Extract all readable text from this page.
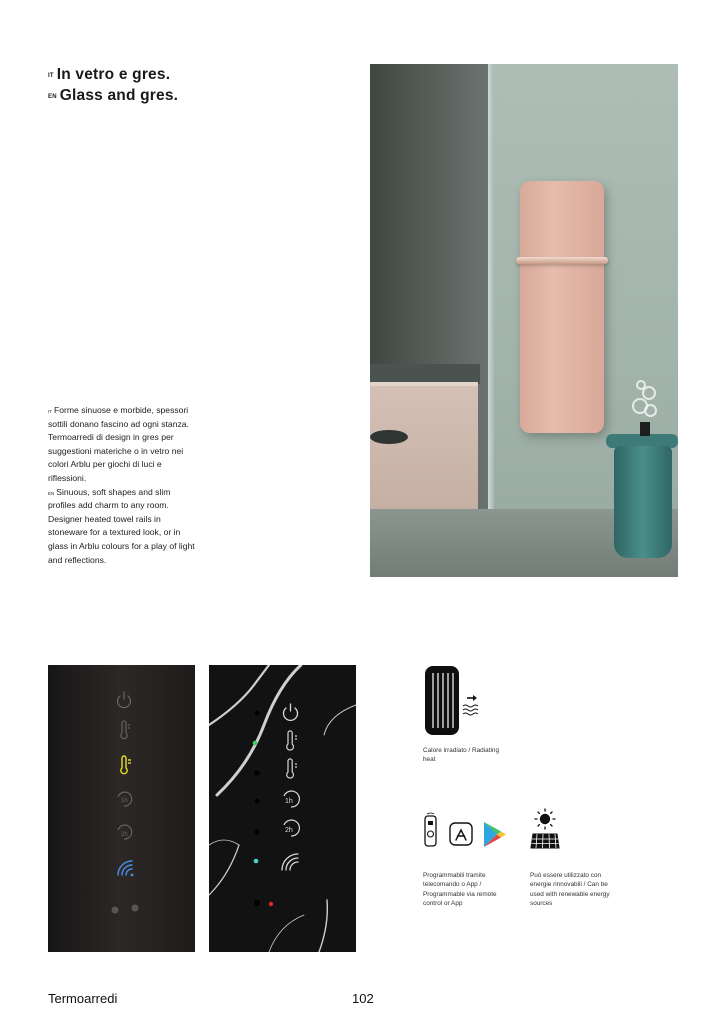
$^{IT}$ In vetro e gres.
$^{EN}$ Glass and gres.

$^{IT}$ Forme sinuose e morbide, spessori sottili donano fascino ad ogni stanza. Termoarredi di design in gres per suggestioni materiche o in vetro nei colori Arblu per giochi di luci e riflessioni.

$^{EN}$ Sinuous, soft shapes and slim profiles add charm to any room. Designer heated towel rails in stoneware for a textured look, or in glass in Arblu colours for a play of light and reflections.

1h
2h
1h
2h
Calore irradiato / Radiating heat
Programmabili tramite telecomando o App / Programmable via remote control or App
Può essere utilizzato con energie rinnovabili / Can be used with renewable energy sources
Termoarredi	102
